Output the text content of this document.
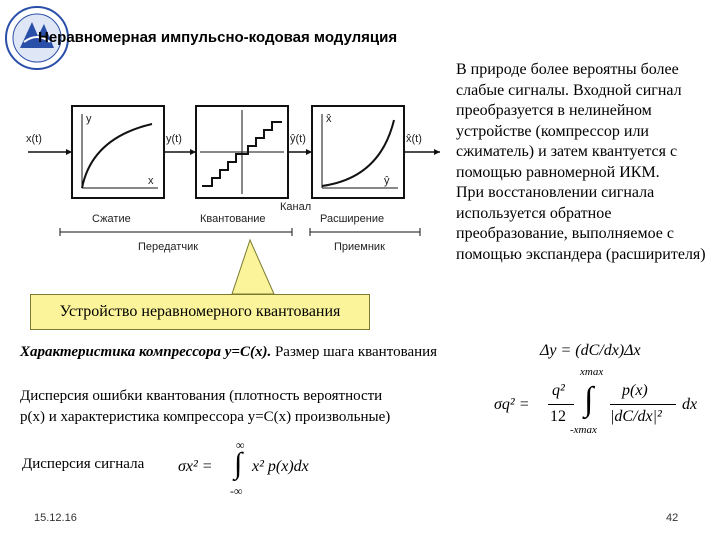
Неравномерная импульсно-кодовая модуляция
x(t)	y(t)	ŷ(t)	x̂(t)
y
x
x̂
ŷ
Сжатие	Квантование
Канал
Расширение
Передатчик	Приемник
Устройство неравномерного квантования

В природе более вероятны более слабые сигналы. Входной сигнал преобразуется в нелинейном устройстве (компрессор или сжиматель) и затем квантуется с помощью равномерной ИКМ.

При восстановлении сигнала используется обратное преобразование, выполняемое с помощью экспандера (расширителя)

Характеристика компрессора y=C(x). Размер шага квантования	Δy = (dC/dx)Δx
Дисперсия ошибки квантования (плотность вероятности
p(x) и характеристика компрессора y=C(x) произвольные)
σq² =
q²
12
xmax
∫
-xmax
p(x)
|dC/dx|²
dx
Дисперсия сигнала σx² =
∞
∫
-∞
x² p(x)dx
15.12.16	42
